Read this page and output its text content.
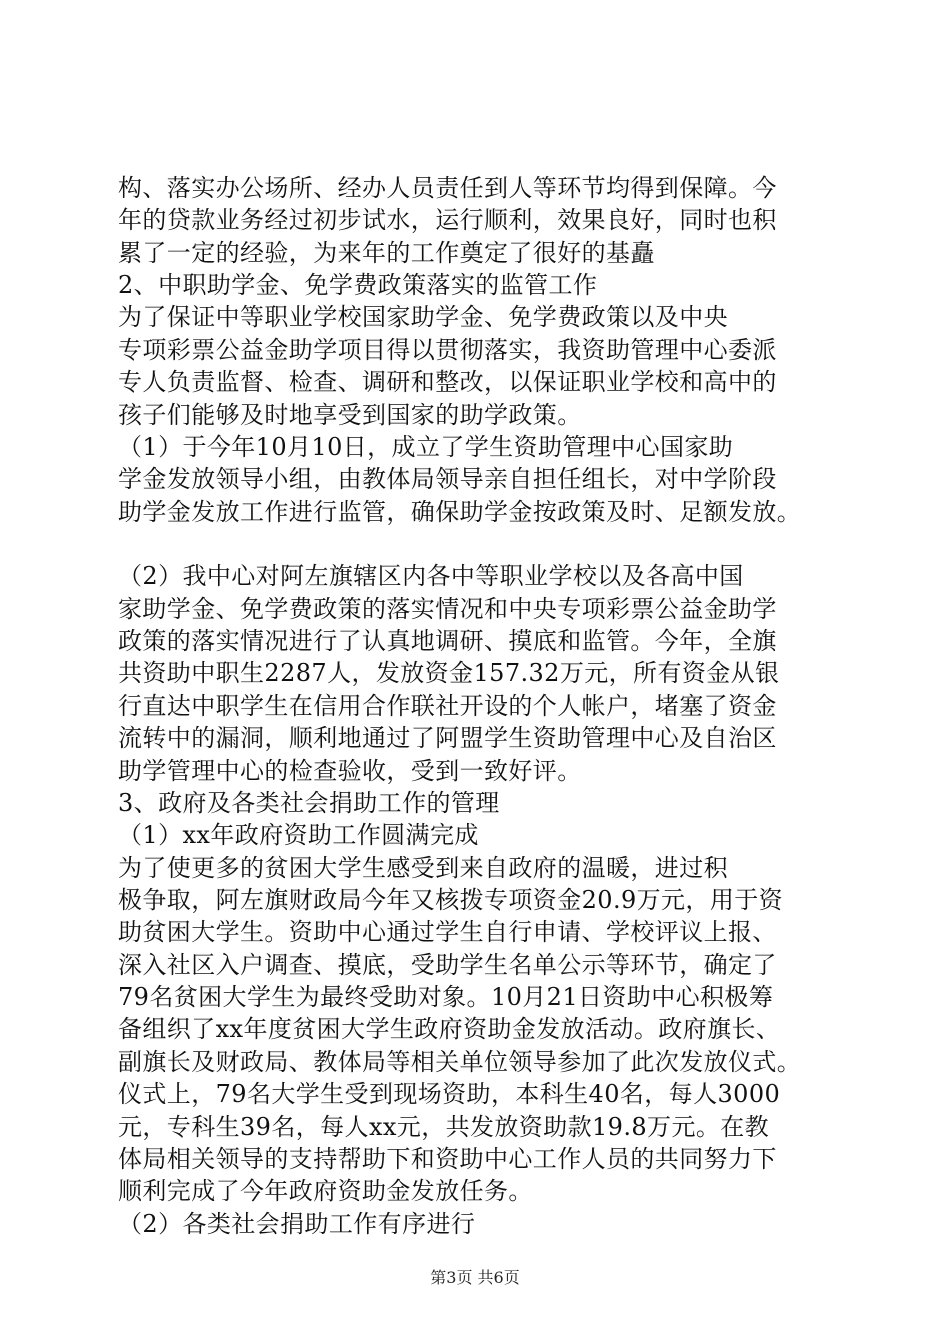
构、落实办公场所、经办人员责任到人等环节均得到保障。今
年的贷款业务经过初步试水，运行顺利，效果良好，同时也积
累了一定的经验，为来年的工作奠定了很好的基矗
2、中职助学金、免学费政策落实的监管工作
为了保证中等职业学校国家助学金、免学费政策以及中央
专项彩票公益金助学项目得以贯彻落实，我资助管理中心委派
专人负责监督、检查、调研和整改，以保证职业学校和高中的
孩子们能够及时地享受到国家的助学政策。
（1）于今年10月10日，成立了学生资助管理中心国家助
学金发放领导小组，由教体局领导亲自担任组长，对中学阶段
助学金发放工作进行监管，确保助学金按政策及时、足额发放。
（2）我中心对阿左旗辖区内各中等职业学校以及各高中国
家助学金、免学费政策的落实情况和中央专项彩票公益金助学
政策的落实情况进行了认真地调研、摸底和监管。今年，全旗
共资助中职生2287人，发放资金157.32万元，所有资金从银
行直达中职学生在信用合作联社开设的个人帐户，堵塞了资金
流转中的漏洞，顺利地通过了阿盟学生资助管理中心及自治区
助学管理中心的检查验收，受到一致好评。
3、政府及各类社会捐助工作的管理
（1）xx年政府资助工作圆满完成
为了使更多的贫困大学生感受到来自政府的温暖，进过积
极争取，阿左旗财政局今年又核拨专项资金20.9万元，用于资
助贫困大学生。资助中心通过学生自行申请、学校评议上报、
深入社区入户调查、摸底，受助学生名单公示等环节，确定了
79名贫困大学生为最终受助对象。10月21日资助中心积极筹
备组织了xx年度贫困大学生政府资助金发放活动。政府旗长、
副旗长及财政局、教体局等相关单位领导参加了此次发放仪式。
仪式上，79名大学生受到现场资助，本科生40名，每人3000
元，专科生39名，每人xx元，共发放资助款19.8万元。在教
体局相关领导的支持帮助下和资助中心工作人员的共同努力下
顺利完成了今年政府资助金发放任务。
（2）各类社会捐助工作有序进行
第3页 共6页
